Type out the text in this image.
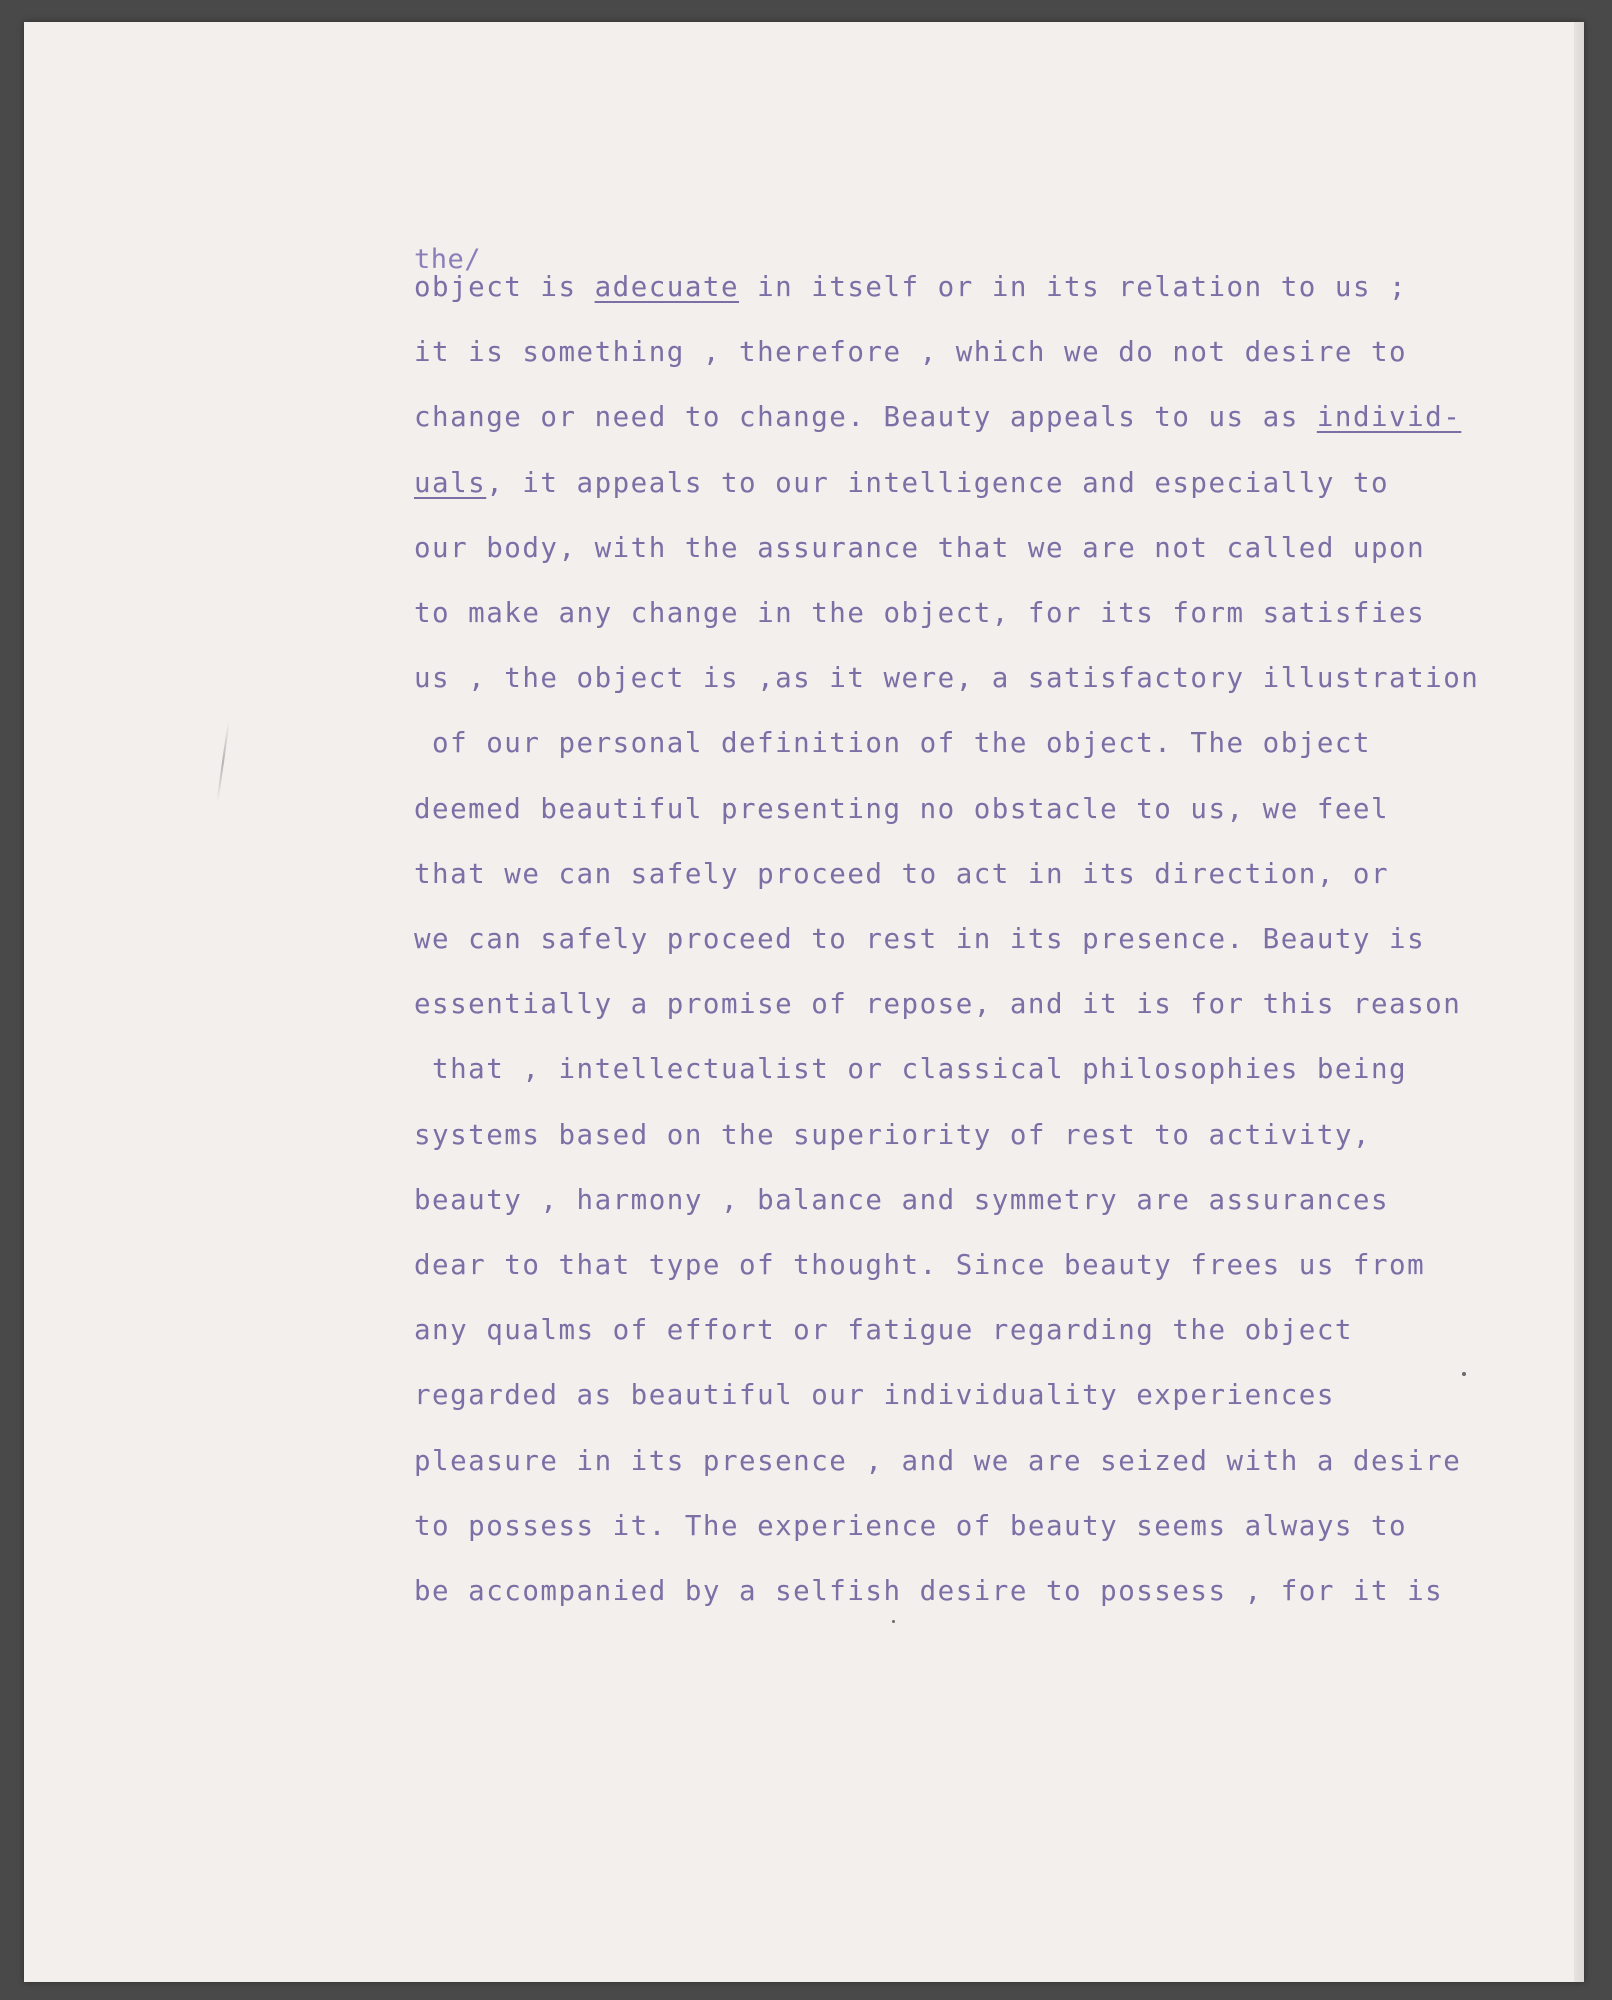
the/
object is adecuate in itself or in its relation to us ;
it is something , therefore , which we do not desire to
change or need to change. Beauty appeals to us as individ-
uals, it appeals to our intelligence and especially to
our body, with the assurance that we are not called upon
to make any change in the object, for its form satisfies
us , the object is ,as it were, a satisfactory illustration
of our personal definition of the object. The object
deemed beautiful presenting no obstacle to us, we feel
that we can safely proceed to act in its direction, or
we can safely proceed to rest in its presence. Beauty is
essentially a promise of repose, and it is for this reason
that , intellectualist or classical philosophies being
systems based on the superiority of rest to activity,
beauty , harmony , balance and symmetry are assurances
dear to that type of thought. Since beauty frees us from
any qualms of effort or fatigue regarding the object
regarded as beautiful our individuality experiences
pleasure in its presence , and we are seized with a desire
to possess it. The experience of beauty seems always to
be accompanied by a selfish desire to possess , for it is
